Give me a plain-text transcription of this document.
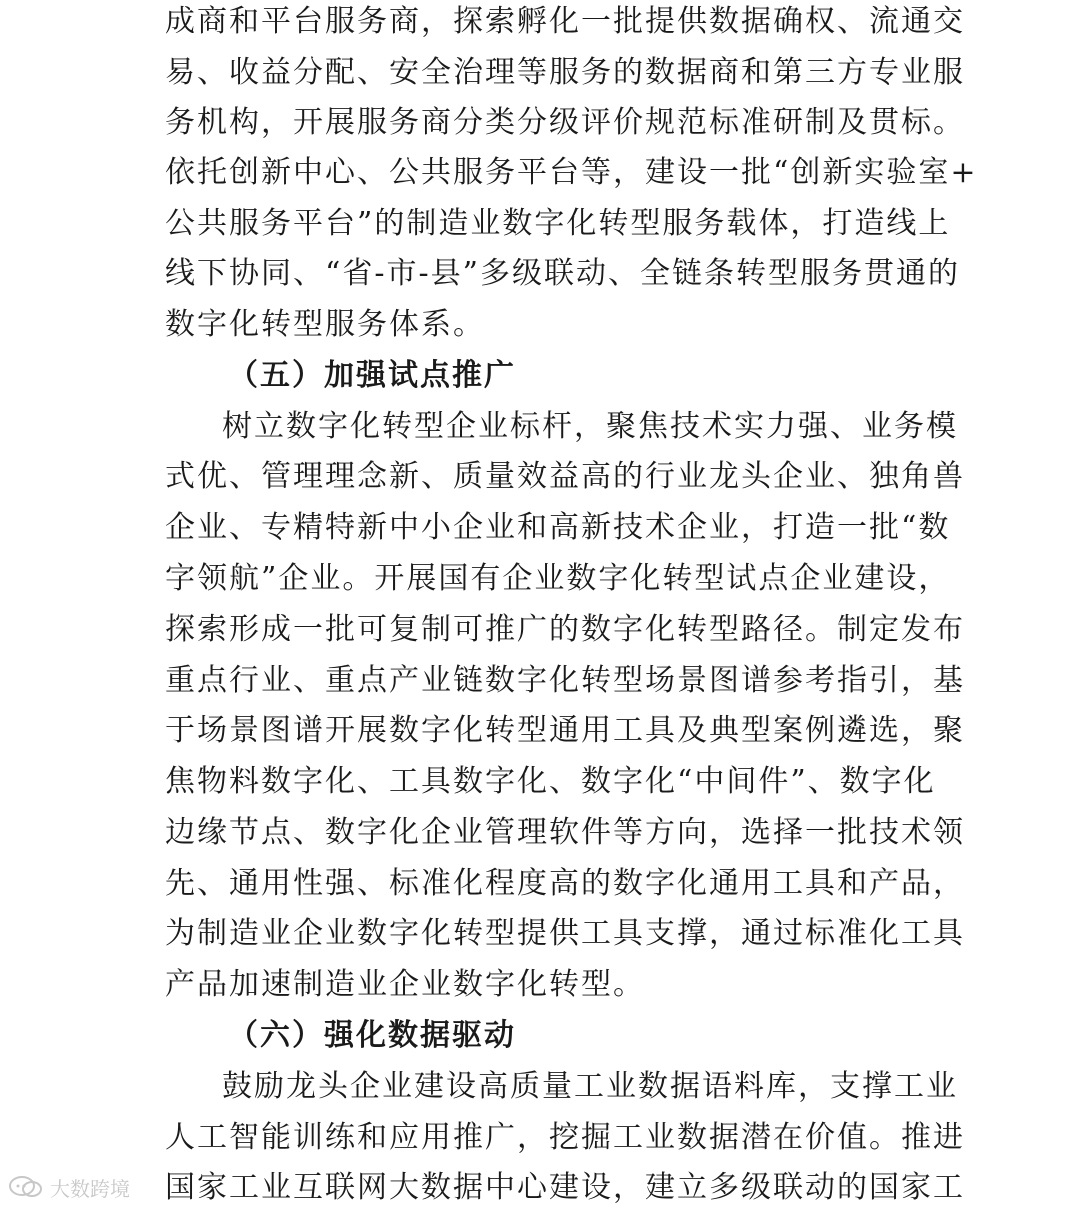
成商和平台服务商，探索孵化一批提供数据确权、流通交
易、收益分配、安全治理等服务的数据商和第三方专业服
务机构，开展服务商分类分级评价规范标准研制及贯标。
依托创新中心、公共服务平台等，建设一批“创新实验室+
公共服务平台”的制造业数字化转型服务载体，打造线上
线下协同、“省-市-县”多级联动、全链条转型服务贯通的
数字化转型服务体系。
（五）加强试点推广
树立数字化转型企业标杆，聚焦技术实力强、业务模
式优、管理理念新、质量效益高的行业龙头企业、独角兽
企业、专精特新中小企业和高新技术企业，打造一批“数
字领航”企业。开展国有企业数字化转型试点企业建设，
探索形成一批可复制可推广的数字化转型路径。制定发布
重点行业、重点产业链数字化转型场景图谱参考指引，基
于场景图谱开展数字化转型通用工具及典型案例遴选，聚
焦物料数字化、工具数字化、数字化“中间件”、数字化
边缘节点、数字化企业管理软件等方向，选择一批技术领
先、通用性强、标准化程度高的数字化通用工具和产品，
为制造业企业数字化转型提供工具支撑，通过标准化工具
产品加速制造业企业数字化转型。
（六）强化数据驱动
鼓励龙头企业建设高质量工业数据语料库，支撑工业
人工智能训练和应用推广，挖掘工业数据潜在价值。推进
国家工业互联网大数据中心建设，建立多级联动的国家工
大数跨境
